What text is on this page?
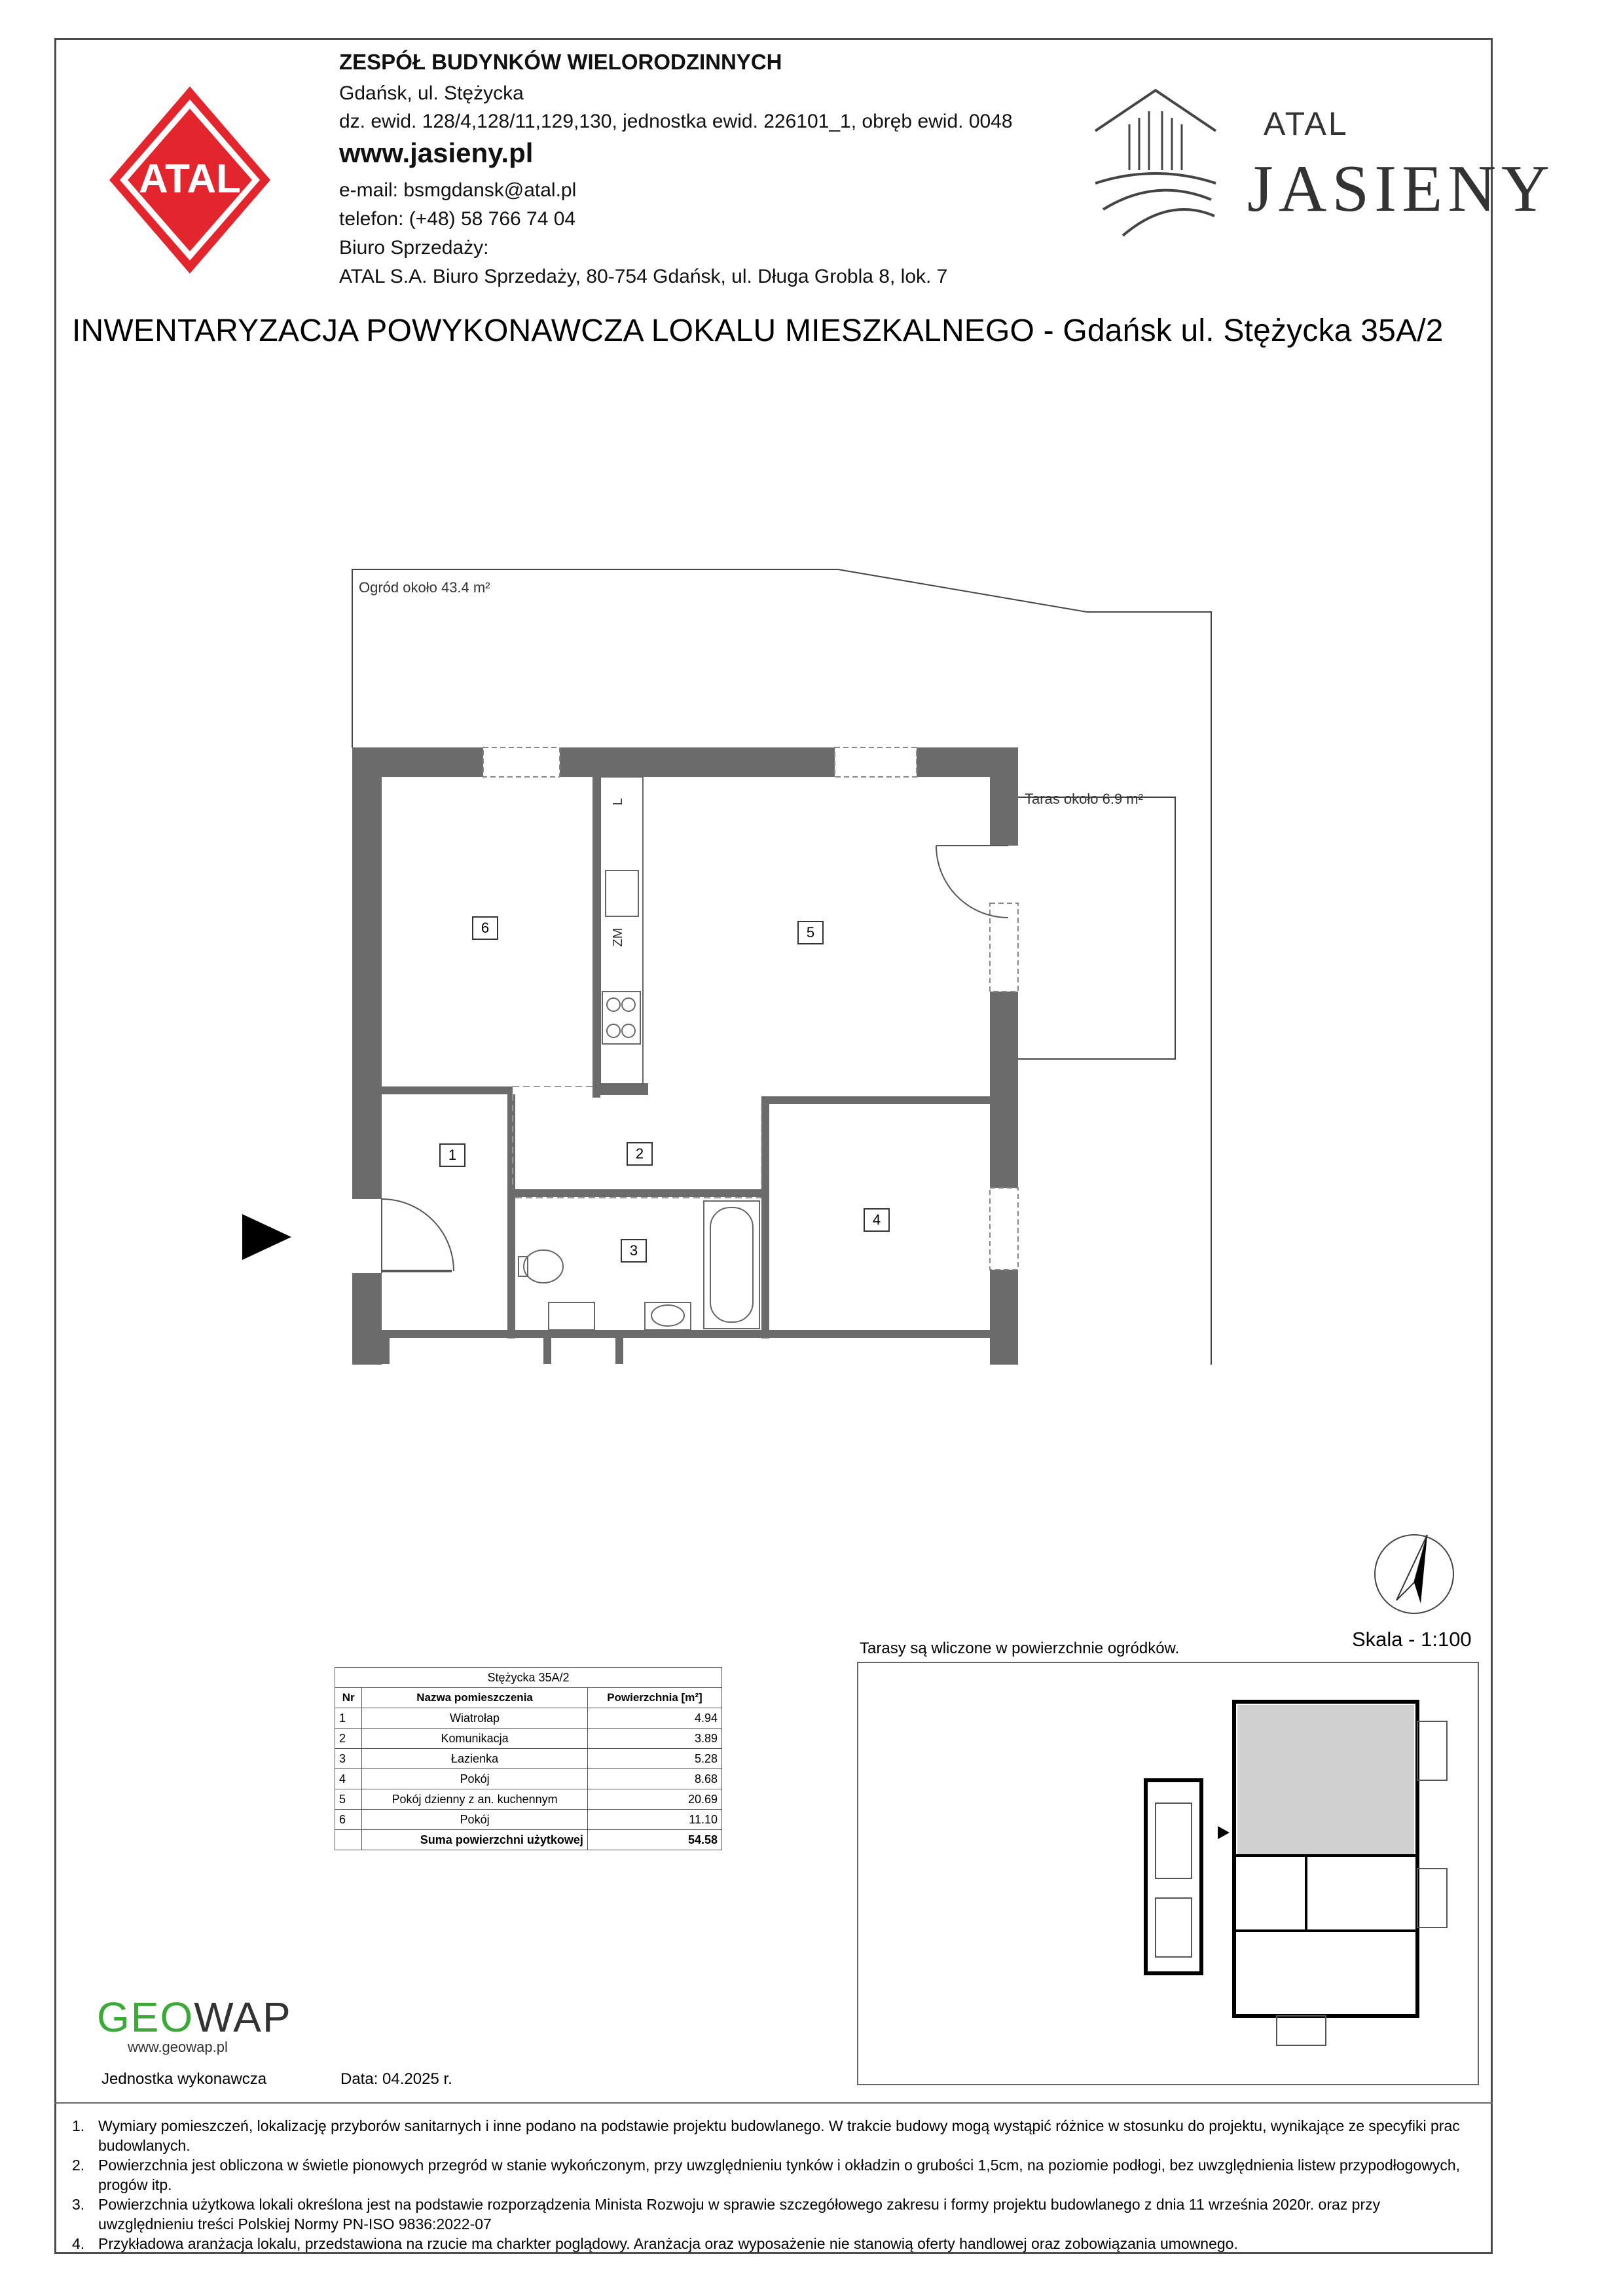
ATAL
ZESPÓŁ BUDYNKÓW WIELORODZINNYCH
Gdańsk, ul. Stężycka
dz. ewid. 128/4,128/11,129,130, jednostka ewid. 226101_1, obręb ewid. 0048
www.jasieny.pl
e-mail: bsmgdansk@atal.pl
telefon: (+48) 58 766 74 04
Biuro Sprzedaży:
ATAL S.A. Biuro Sprzedaży, 80-754 Gdańsk, ul. Długa Grobla 8, lok. 7
ATAL
JASIENY
INWENTARYZACJA POWYKONAWCZA LOKALU MIESZKALNEGO - Gdańsk ul. Stężycka 35A/2
L
ZM
Ogród około 43.4 m²
Taras około 6.9 m²
6	5
1	2
3
4
Skala - 1:100
Tarasy są wliczone w powierzchnie ogródków.
Stężycka 35A/2		
Nr	Nazwa pomieszczenia	Powierzchnia [m²]
1	Wiatrołap	4.94
2	Komunikacja	3.89
3	Łazienka	5.28
4	Pokój	8.68
5	Pokój dzienny z an. kuchennym	20.69
6	Pokój	11.10
	Suma powierzchni użytkowej	54.58
GEOWAP
www.geowap.pl
Jednostka wykonawcza	Data: 04.2025 r.
1. Wymiary pomieszczeń, lokalizację przyborów sanitarnych i inne podano na podstawie projektu budowlanego. W trakcie budowy mogą wystąpić różnice w stosunku do projektu, wynikające ze specyfiki prac budowlanych.
2. Powierzchnia jest obliczona w świetle pionowych przegród w stanie wykończonym, przy uwzględnieniu tynków i okładzin o grubości 1,5cm, na poziomie podłogi, bez uwzględnienia listew przypodłogowych, progów itp.
3. Powierzchnia użytkowa lokali określona jest na podstawie rozporządzenia Minista Rozwoju w sprawie szczegółowego zakresu i formy projektu budowlanego z dnia 11 września 2020r. oraz przy uwzględnieniu treści Polskiej Normy PN-ISO 9836:2022-07
4. Przykładowa aranżacja lokalu, przedstawiona na rzucie ma charkter poglądowy. Aranżacja oraz wyposażenie nie stanowią oferty handlowej oraz zobowiązania umownego.
